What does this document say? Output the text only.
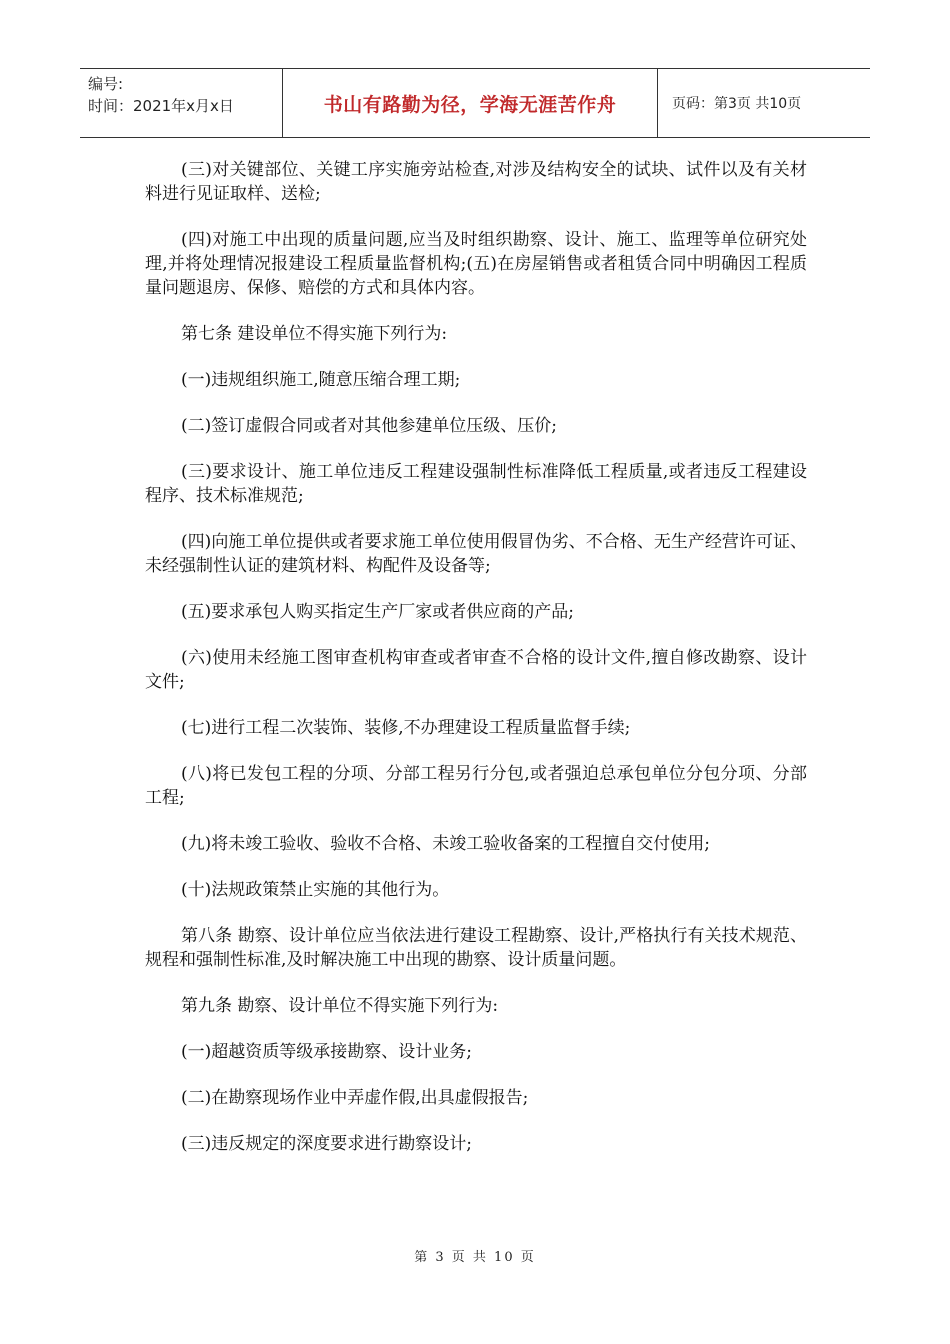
编号:
时间：2021年x月x日	书山有路勤为径，学海无涯苦作舟	页码：第3页 共10页

(三)对关键部位、关键工序实施旁站检查,对涉及结构安全的试块、试件以及有关材料进行见证取样、送检;

(四)对施工中出现的质量问题,应当及时组织勘察、设计、施工、监理等单位研究处理,并将处理情况报建设工程质量监督机构;(五)在房屋销售或者租赁合同中明确因工程质量问题退房、保修、赔偿的方式和具体内容。

第七条 建设单位不得实施下列行为:

(一)违规组织施工,随意压缩合理工期;

(二)签订虚假合同或者对其他参建单位压级、压价;

(三)要求设计、施工单位违反工程建设强制性标准降低工程质量,或者违反工程建设程序、技术标准规范;

(四)向施工单位提供或者要求施工单位使用假冒伪劣、不合格、无生产经营许可证、未经强制性认证的建筑材料、构配件及设备等;

(五)要求承包人购买指定生产厂家或者供应商的产品;

(六)使用未经施工图审查机构审查或者审查不合格的设计文件,擅自修改勘察、设计文件;

(七)进行工程二次装饰、装修,不办理建设工程质量监督手续;

(八)将已发包工程的分项、分部工程另行分包,或者强迫总承包单位分包分项、分部工程;

(九)将未竣工验收、验收不合格、未竣工验收备案的工程擅自交付使用;

(十)法规政策禁止实施的其他行为。

第八条 勘察、设计单位应当依法进行建设工程勘察、设计,严格执行有关技术规范、规程和强制性标准,及时解决施工中出现的勘察、设计质量问题。

第九条 勘察、设计单位不得实施下列行为:

(一)超越资质等级承接勘察、设计业务;

(二)在勘察现场作业中弄虚作假,出具虚假报告;

(三)违反规定的深度要求进行勘察设计;

第 3 页 共 10 页
